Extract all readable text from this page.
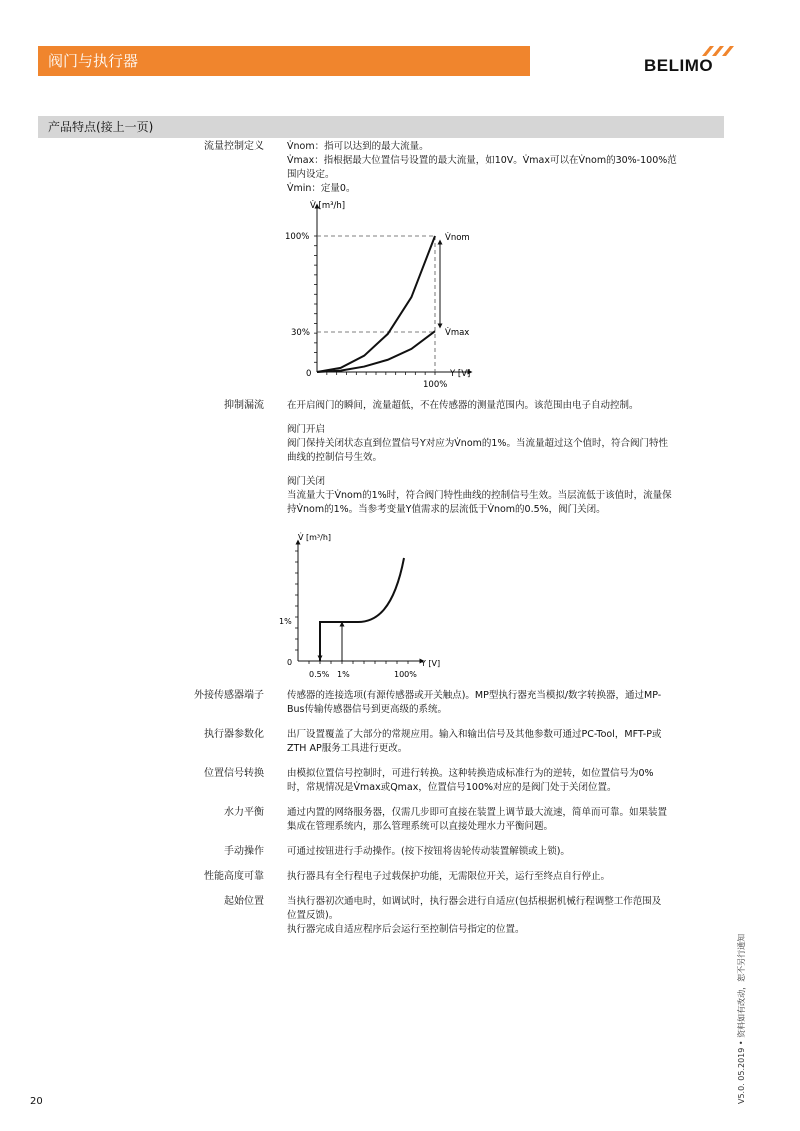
阀门与执行器	BELIMO
产品特点(接上一页)
流量控制定义 V̇nom：指可以达到的最大流量。

V̇max：指根据最大位置信号设置的最大流量，如10V。V̇max可以在V̇nom的30%-100%范

围内设定。

V̇min：定量0。

V̇ [m³/h]
Y [V]
100%
30%
0
100%
V̇nom
V̇max
抑制漏流 在开启阀门的瞬间，流量超低，不在传感器的测量范围内。该范围由电子自动控制。

阀门开启

阀门保持关闭状态直到位置信号Y对应为V̇nom的1%。当流量超过这个值时，符合阀门特性

曲线的控制信号生效。

阀门关闭

当流量大于V̇nom的1%时，符合阀门特性曲线的控制信号生效。当层流低于该值时，流量保

持V̇nom的1%。当参考变量Y值需求的层流低于V̇nom的0.5%，阀门关闭。

V̇ [m³/h]
Y [V]
1%
0
0.5% 1%	100%
外接传感器端子 传感器的连接选项(有源传感器或开关触点)。MP型执行器充当模拟/数字转换器，通过MP-

Bus传输传感器信号到更高级的系统。

执行器参数化 出厂设置覆盖了大部分的常规应用。输入和输出信号及其他参数可通过PC-Tool，MFT-P或

ZTH AP服务工具进行更改。

位置信号转换 由模拟位置信号控制时，可进行转换。这种转换造成标准行为的逆转，如位置信号为0%

时，常规情况是V̇max或Qmax，位置信号100%对应的是阀门处于关闭位置。

水力平衡 通过内置的网络服务器，仅需几步即可直接在装置上调节最大流速，简单而可靠。如果装置

集成在管理系统内，那么管理系统可以直接处理水力平衡问题。

手动操作 可通过按钮进行手动操作。(按下按钮将齿轮传动装置解锁或上锁)。
性能高度可靠 执行器具有全行程电子过载保护功能，无需限位开关，运行至终点自行停止。
起始位置 当执行器初次通电时，如调试时，执行器会进行自适应(包括根据机械行程调整工作范围及

位置反馈)。

执行器完成自适应程序后会运行至控制信号指定的位置。

V5.0. 05.2019 • 资料如有改动，恕不另行通知
20
